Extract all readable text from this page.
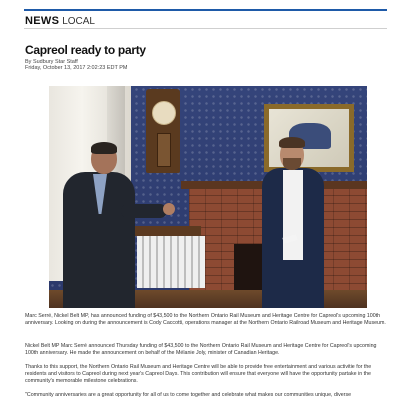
NEWS LOCAL
Capreol ready to party
By Sudbury Star Staff
Friday, October 13, 2017 2:02:23 EDT PM

Marc Serré, Nickel Belt MP, has announced funding of $43,500 to the Northern Ontario Rail Museum and Heritage Centre for Capreol's upcoming 100th anniversary. Looking on during the announcement is Cody Caccotti, operations manager at the Northern Ontario Railroad Museum and Heritage Museum.

Nickel Belt MP Marc Serré announced Thursday funding of $43,500 to the Northern Ontario Rail Museum and Heritage Centre for Capreol's upcoming 100th anniversary. He made the announcement on behalf of the Mélanie Joly, minister of Canadian Heritage.

Thanks to this support, the Northern Ontario Rail Museum and Heritage Centre will be able to provide free entertainment and various activitie for the residents and visitors to Capreol during next year's Capreol Days. This contribution will ensure that everyone will have the opportunity partake in the community's memorable milestone celebrations.

"Community anniversaries are a great opportunity for all of us to come together and celebrate what makes our communities unique, diverse
